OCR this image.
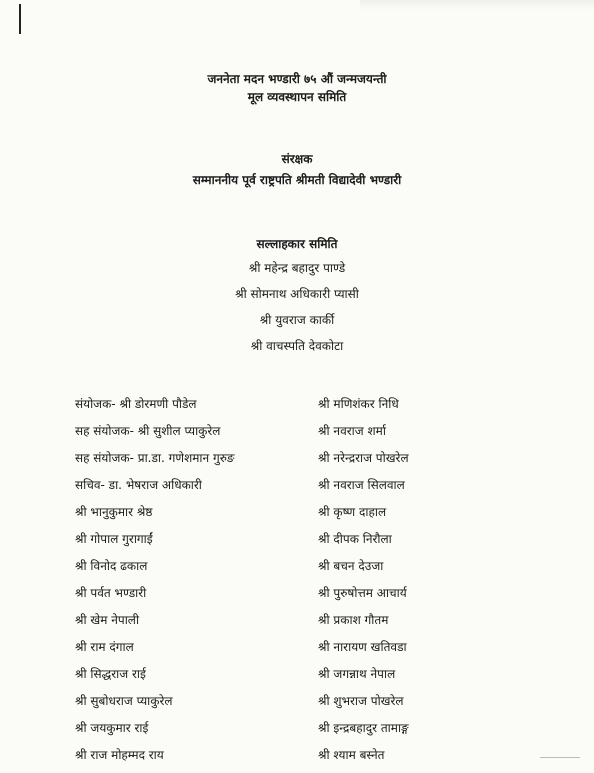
जननेता मदन भण्डारी ७५ औं जन्मजयन्ती
मूल व्यवस्थापन समिति
संरक्षक
सम्माननीय पूर्व राष्ट्रपति श्रीमती विद्यादेवी भण्डारी
सल्लाहकार समिति
श्री महेन्द्र बहादुर पाण्डे
श्री सोमनाथ अधिकारी प्यासी
श्री युवराज कार्की
श्री वाचस्पति देवकोटा
संयोजक- श्री डोरमणी पौडेल	श्री मणिशंकर निधि
सह संयोजक- श्री सुशील प्याकुरेल	श्री नवराज शर्मा
सह संयोजक- प्रा.डा. गणेशमान गुरुङ	श्री नरेन्द्रराज पोखरेल
सचिव- डा. भेषराज अधिकारी	श्री नवराज सिलवाल
श्री भानुकुमार श्रेष्ठ	श्री कृष्ण दाहाल
श्री गोपाल गुरागाईं	श्री दीपक निरौला
श्री विनोद ढकाल	श्री बचन देउजा
श्री पर्वत भण्डारी	श्री पुरुषोत्तम आचार्य
श्री खेम नेपाली	श्री प्रकाश गौतम
श्री राम दंगाल	श्री नारायण खतिवडा
श्री सिद्धराज राई	श्री जगन्नाथ नेपाल
श्री सुबोधराज प्याकुरेल	श्री शुभराज पोखरेल
श्री जयकुमार राई	श्री इन्द्रबहादुर तामाङ्ग
श्री राज मोहम्मद राय	श्री श्याम बस्नेत
